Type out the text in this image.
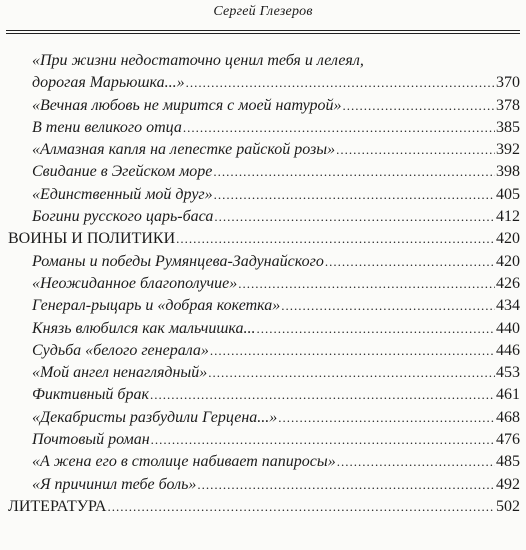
Сергей Глезеров
«При жизни недостаточно ценил тебя и лелеял,
дорогая Марьюшка...» .....	370
«Вечная любовь не мирится с моей натурой» .....	378
В тени великого отца .....	385
«Алмазная капля на лепестке райской розы» .....	392
Свидание в Эгейском море .....	398
«Единственный мой друг» .....	405
Богини русского царь-баса .....	412
ВОИНЫ И ПОЛИТИКИ .....	420
Романы и победы Румянцева-Задунайского .....	420
«Неожиданное благополучие» .....	426
Генерал-рыцарь и «добрая кокетка» .....	434
Князь влюбился как мальчишка... .....	440
Судьба «белого генерала» .....	446
«Мой ангел ненаглядный» .....	453
Фиктивный брак .....	461
«Декабристы разбудили Герцена...» .....	468
Почтовый роман .....	476
«А жена его в столице набивает папиросы» .....	485
«Я причинил тебе боль» .....	492
ЛИТЕРАТУРА .....	502
